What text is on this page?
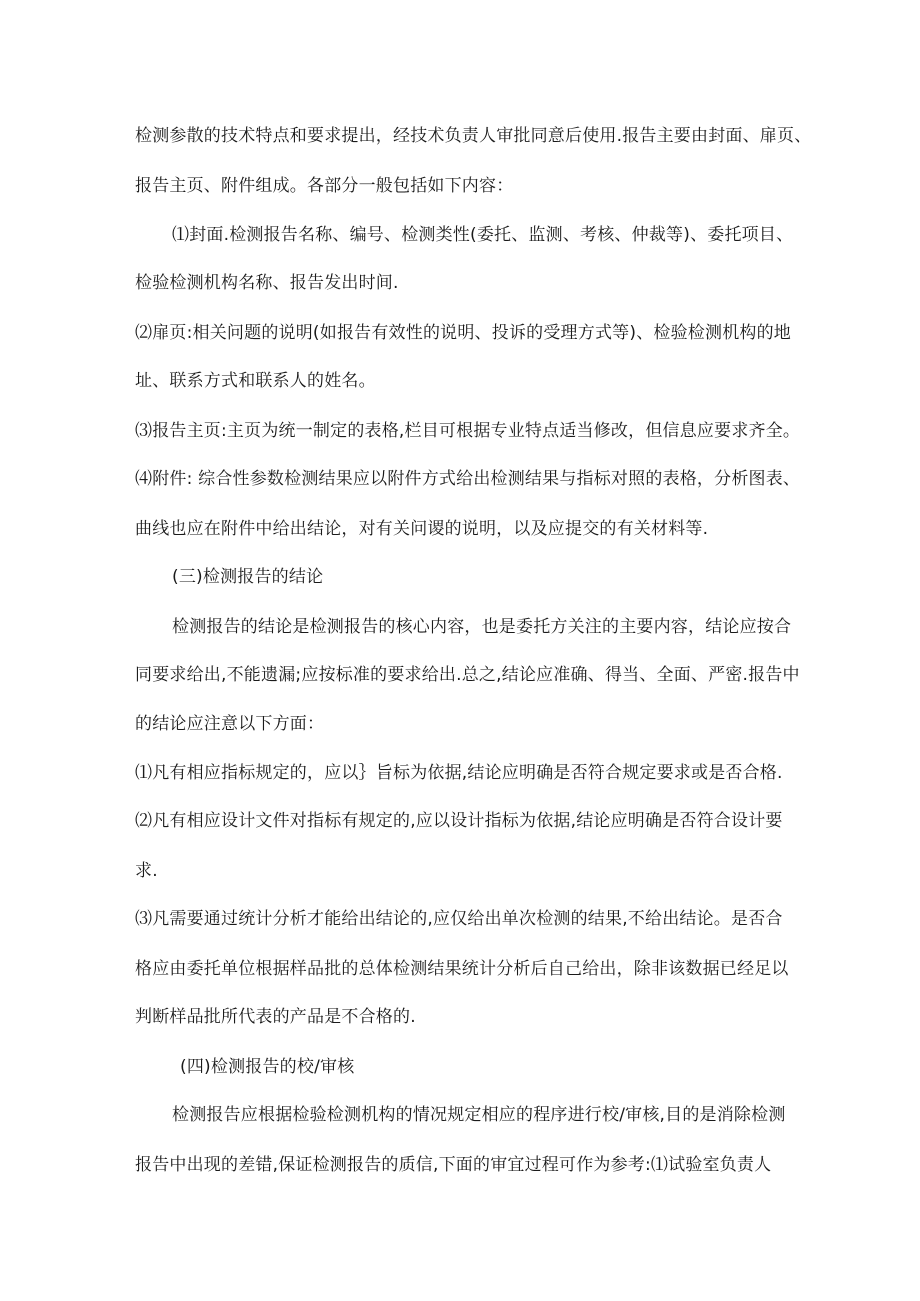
检测参散的技术特点和要求提出，经技术负责人审批同意后使用.报告主要由封面、扉页、
报告主页、附件组成。各部分一般包括如下内容：
⑴封面.检测报告名称、编号、检测类性(委托、监测、考核、仲裁等)、委托项目、
检验检测机构名称、报告发出时间.
⑵扉页:相关问题的说明(如报告有效性的说明、投诉的受理方式等)、检验检测机构的地
址、联系方式和联系人的姓名。
⑶报告主页:主页为统一制定的表格,栏目可根据专业特点适当修改，但信息应要求齐全。
⑷附件: 综合性参数检测结果应以附件方式给出检测结果与指标对照的表格，分析图表、
曲线也应在附件中给出结论，对有关问谡的说明，以及应提交的有关材料等.
(三)检测报告的结论
检测报告的结论是检测报告的核心内容，也是委托方关注的主要内容，结论应按合
同要求给出,不能遗漏;应按标准的要求给出.总之,结论应准确、得当、全面、严密.报告中
的结论应注意以下方面：
⑴凡有相应指标规定的，应以｝旨标为依据,结论应明确是否符合规定要求或是否合格.
⑵凡有相应设计文件对指标有规定的,应以设计指标为依据,结论应明确是否符合设计要
求.
⑶凡需要通过统计分析才能给出结论的,应仅给出单次检测的结果,不给出结论。是否合
格应由委托单位根据样品批的总体检测结果统计分析后自己给出，除非该数据已经足以
判断样品批所代表的产品是不合格的.
(四)检测报告的校/审核
检测报告应根据检验检测机构的情况规定相应的程序进行校/审核,目的是消除检测
报告中出现的差错,保证检测报告的质信,下面的审宜过程可作为参考:⑴试验室负责人
